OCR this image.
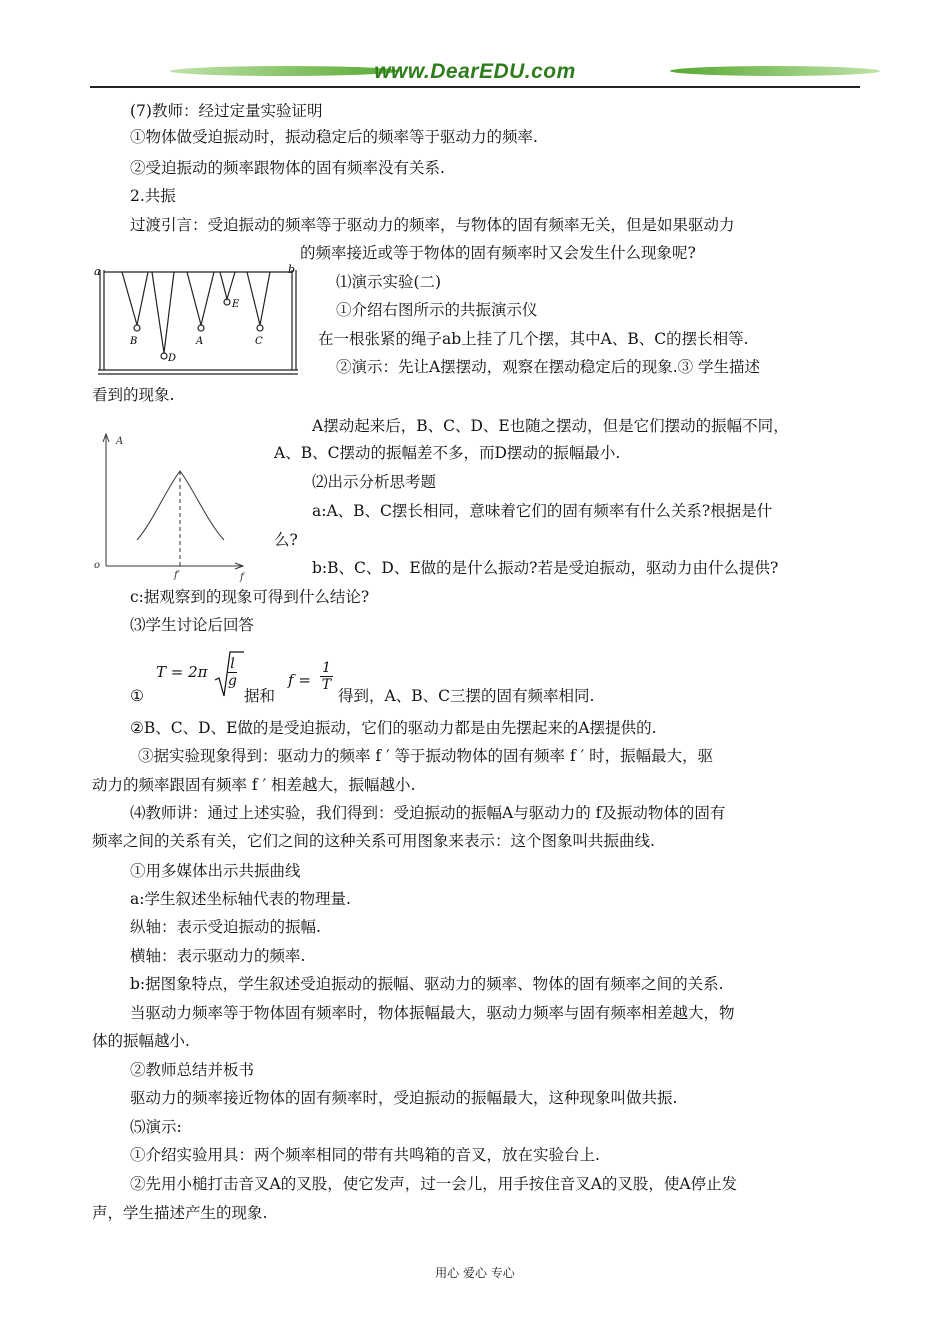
www.DearEDU.com
a	b
B
D
A
E
C
A
o
f
f′
(7)教师：经过定量实验证明
①物体做受迫振动时，振动稳定后的频率等于驱动力的频率.
②受迫振动的频率跟物体的固有频率没有关系.
2.共振
过渡引言：受迫振动的频率等于驱动力的频率，与物体的固有频率无关，但是如果驱动力
的频率接近或等于物体的固有频率时又会发生什么现象呢?
⑴演示实验(二)
①介绍右图所示的共振演示仪
在一根张紧的绳子ab上挂了几个摆，其中A、B、C的摆长相等.
②演示：先让A摆摆动，观察在摆动稳定后的现象.③ 学生描述
看到的现象.
A摆动起来后，B、C、D、E也随之摆动，但是它们摆动的振幅不同，
A、B、C摆动的振幅差不多，而D摆动的振幅最小.
⑵出示分析思考题
a:A、B、C摆长相同，意味着它们的固有频率有什么关系?根据是什
么?
b:B、C、D、E做的是什么振动?若是受迫振动，驱动力由什么提供?
c:据观察到的现象可得到什么结论?
⑶学生讨论后回答
①
$T = 2\pi \frac{l}{g}$
据和
$f = \frac{1}{T}$
得到，A、B、C三摆的固有频率相同.
②B、C、D、E做的是受迫振动，它们的驱动力都是由先摆起来的A摆提供的.
③据实验现象得到：驱动力的频率 f ′ 等于振动物体的固有频率 f ′ 时，振幅最大，驱
动力的频率跟固有频率 f ′ 相差越大，振幅越小.
⑷教师讲：通过上述实验，我们得到：受迫振动的振幅A与驱动力的 f及振动物体的固有
频率之间的关系有关，它们之间的这种关系可用图象来表示：这个图象叫共振曲线.
①用多媒体出示共振曲线
a:学生叙述坐标轴代表的物理量.
纵轴：表示受迫振动的振幅.
横轴：表示驱动力的频率.
b:据图象特点，学生叙述受迫振动的振幅、驱动力的频率、物体的固有频率之间的关系.
当驱动力频率等于物体固有频率时，物体振幅最大，驱动力频率与固有频率相差越大，物
体的振幅越小.
②教师总结并板书
驱动力的频率接近物体的固有频率时，受迫振动的振幅最大，这种现象叫做共振.
⑸演示:
①介绍实验用具：两个频率相同的带有共鸣箱的音叉，放在实验台上.
②先用小槌打击音叉A的叉股，使它发声，过一会儿，用手按住音叉A的叉股，使A停止发
声，学生描述产生的现象.
用心 爱心 专心
